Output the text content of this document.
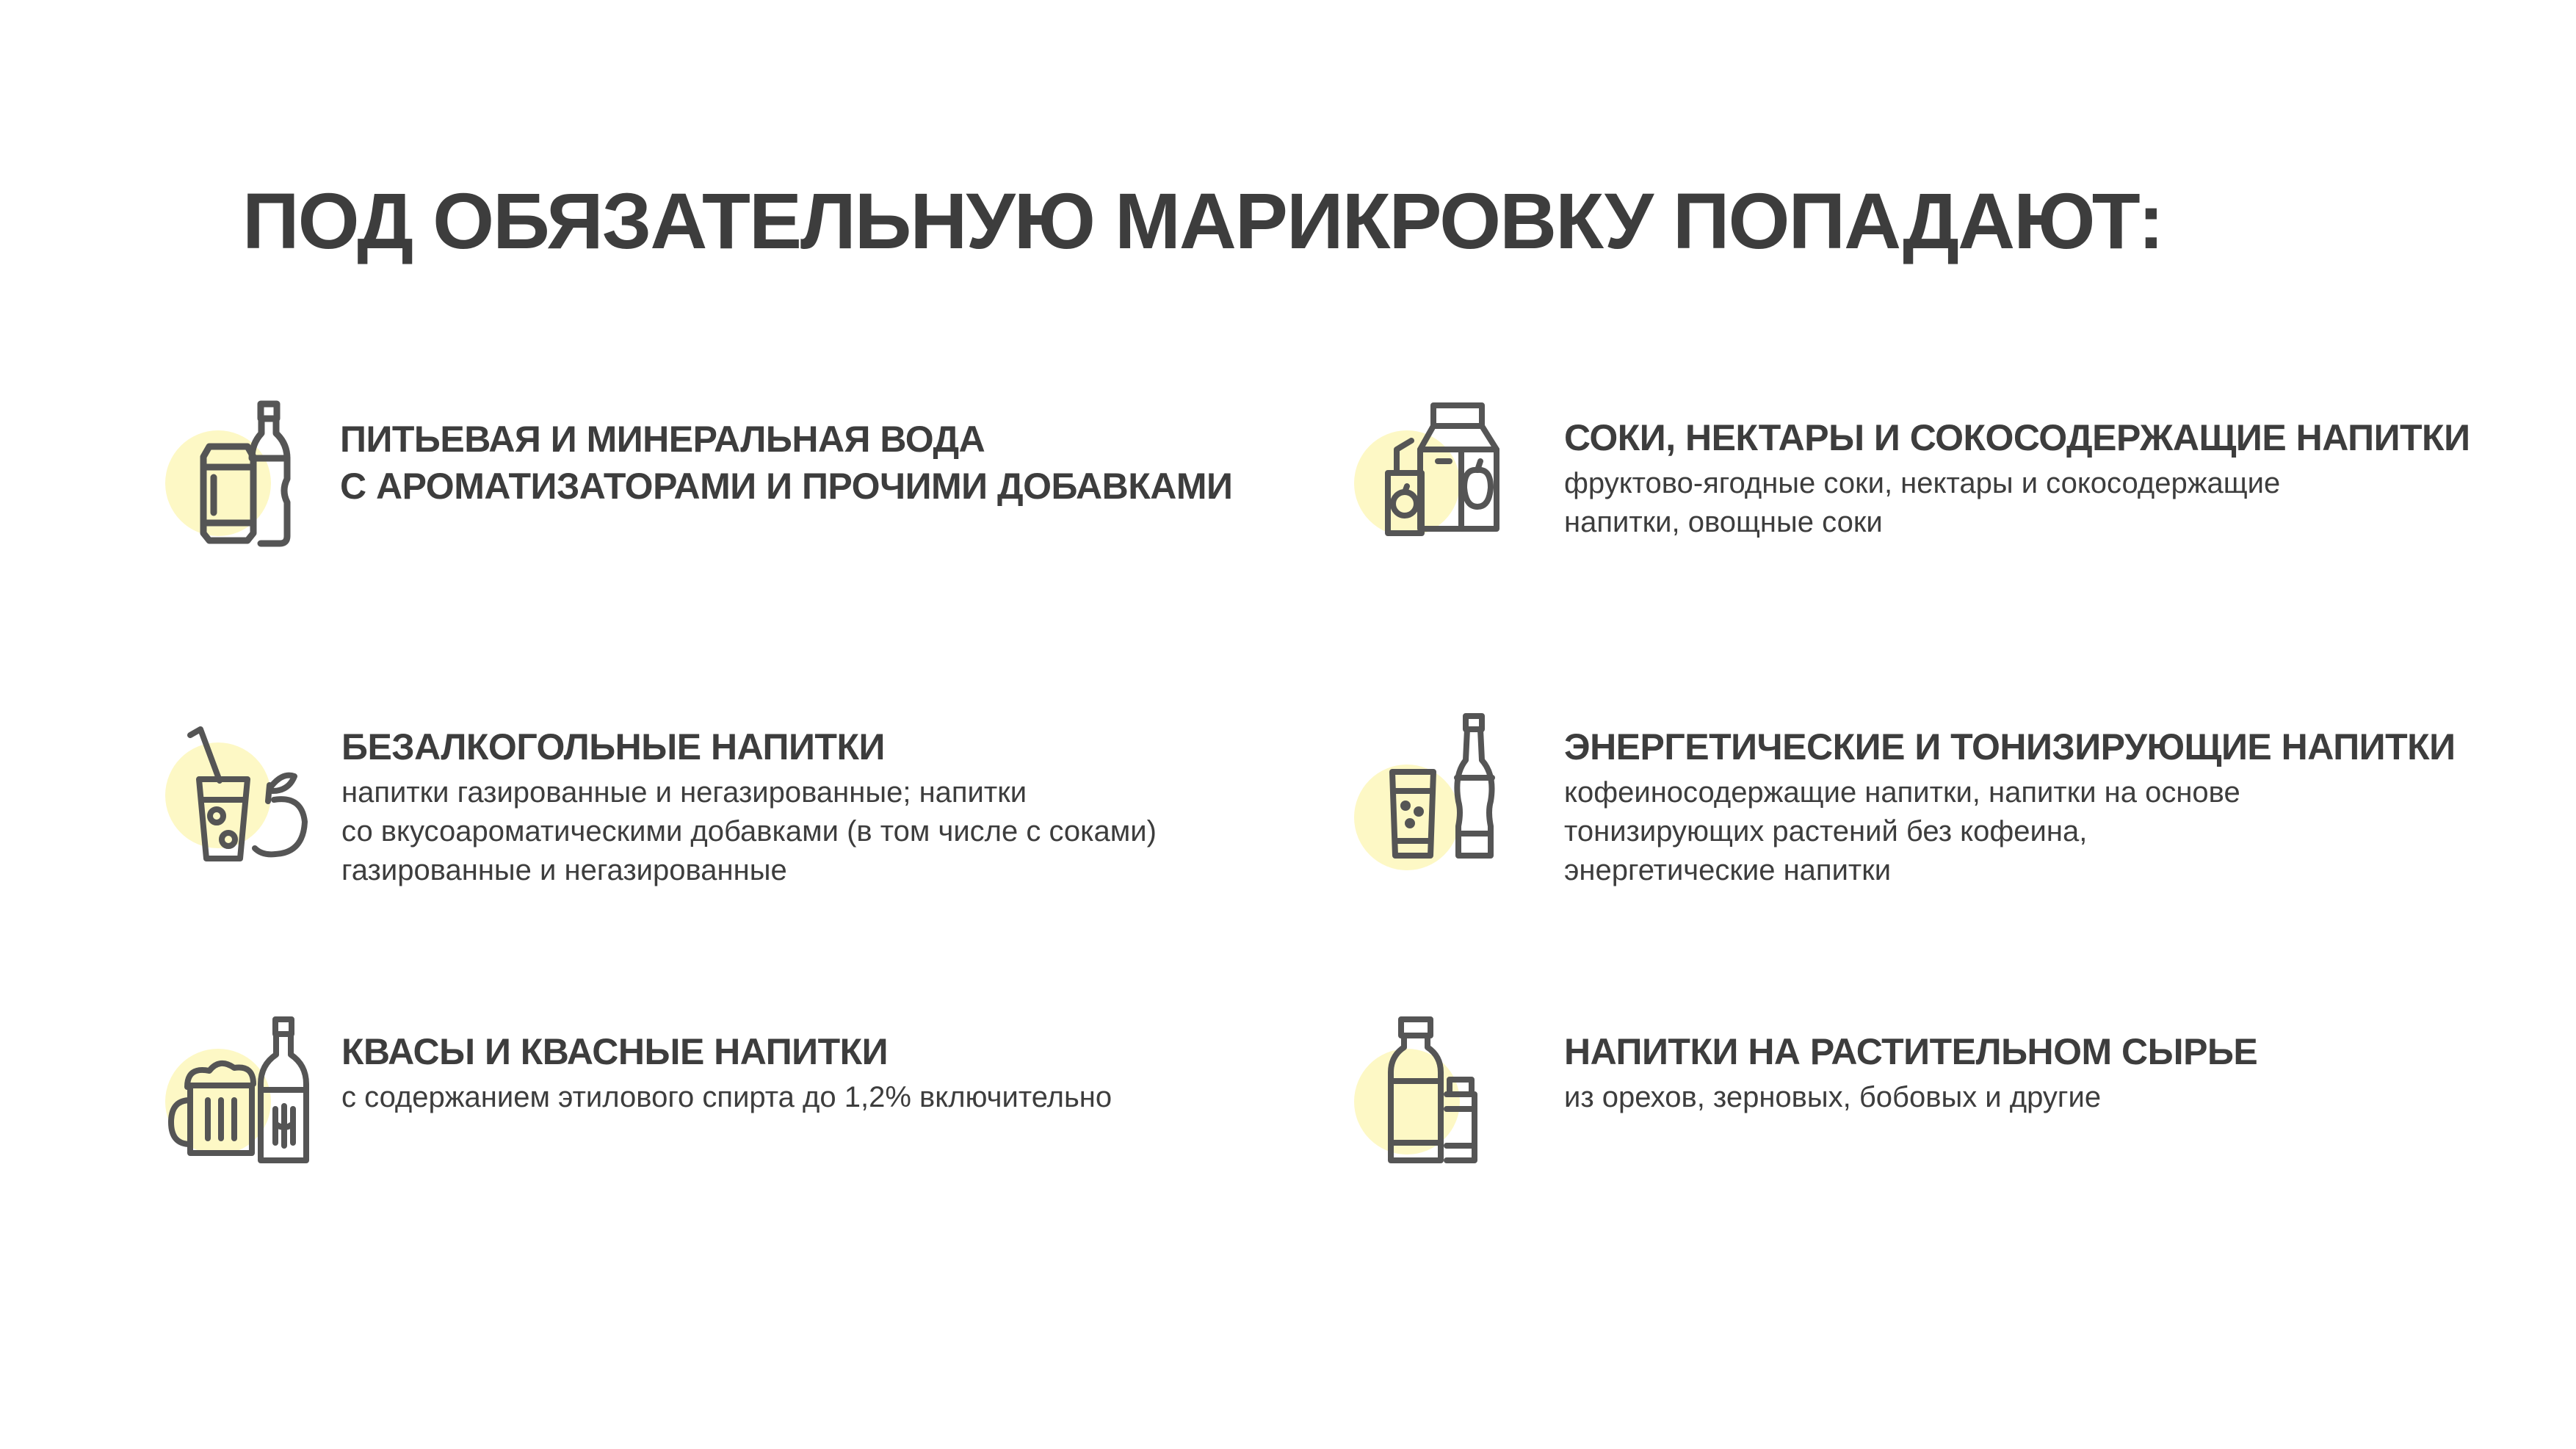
ПОД ОБЯЗАТЕЛЬНУЮ МАРИКРОВКУ ПОПАДАЮТ:
ПИТЬЕВАЯ И МИНЕРАЛЬНАЯ ВОДА
С АРОМАТИЗАТОРАМИ И ПРОЧИМИ ДОБАВКАМИ
СОКИ, НЕКТАРЫ И СОКОСОДЕРЖАЩИЕ НАПИТКИ
фруктово-ягодные соки, нектары и сокосодержащие
напитки, овощные соки
БЕЗАЛКОГОЛЬНЫЕ НАПИТКИ
напитки газированные и негазированные; напитки
со вкусоароматическими добавками (в том числе с соками)
газированные и негазированные
ЭНЕРГЕТИЧЕСКИЕ И ТОНИЗИРУЮЩИЕ НАПИТКИ
кофеиносодержащие напитки, напитки на основе
тонизирующих растений без кофеина,
энергетические напитки
КВАСЫ И КВАСНЫЕ НАПИТКИ
с содержанием этилового спирта до 1,2% включительно
НАПИТКИ НА РАСТИТЕЛЬНОМ СЫРЬЕ
из орехов, зерновых, бобовых и другие
